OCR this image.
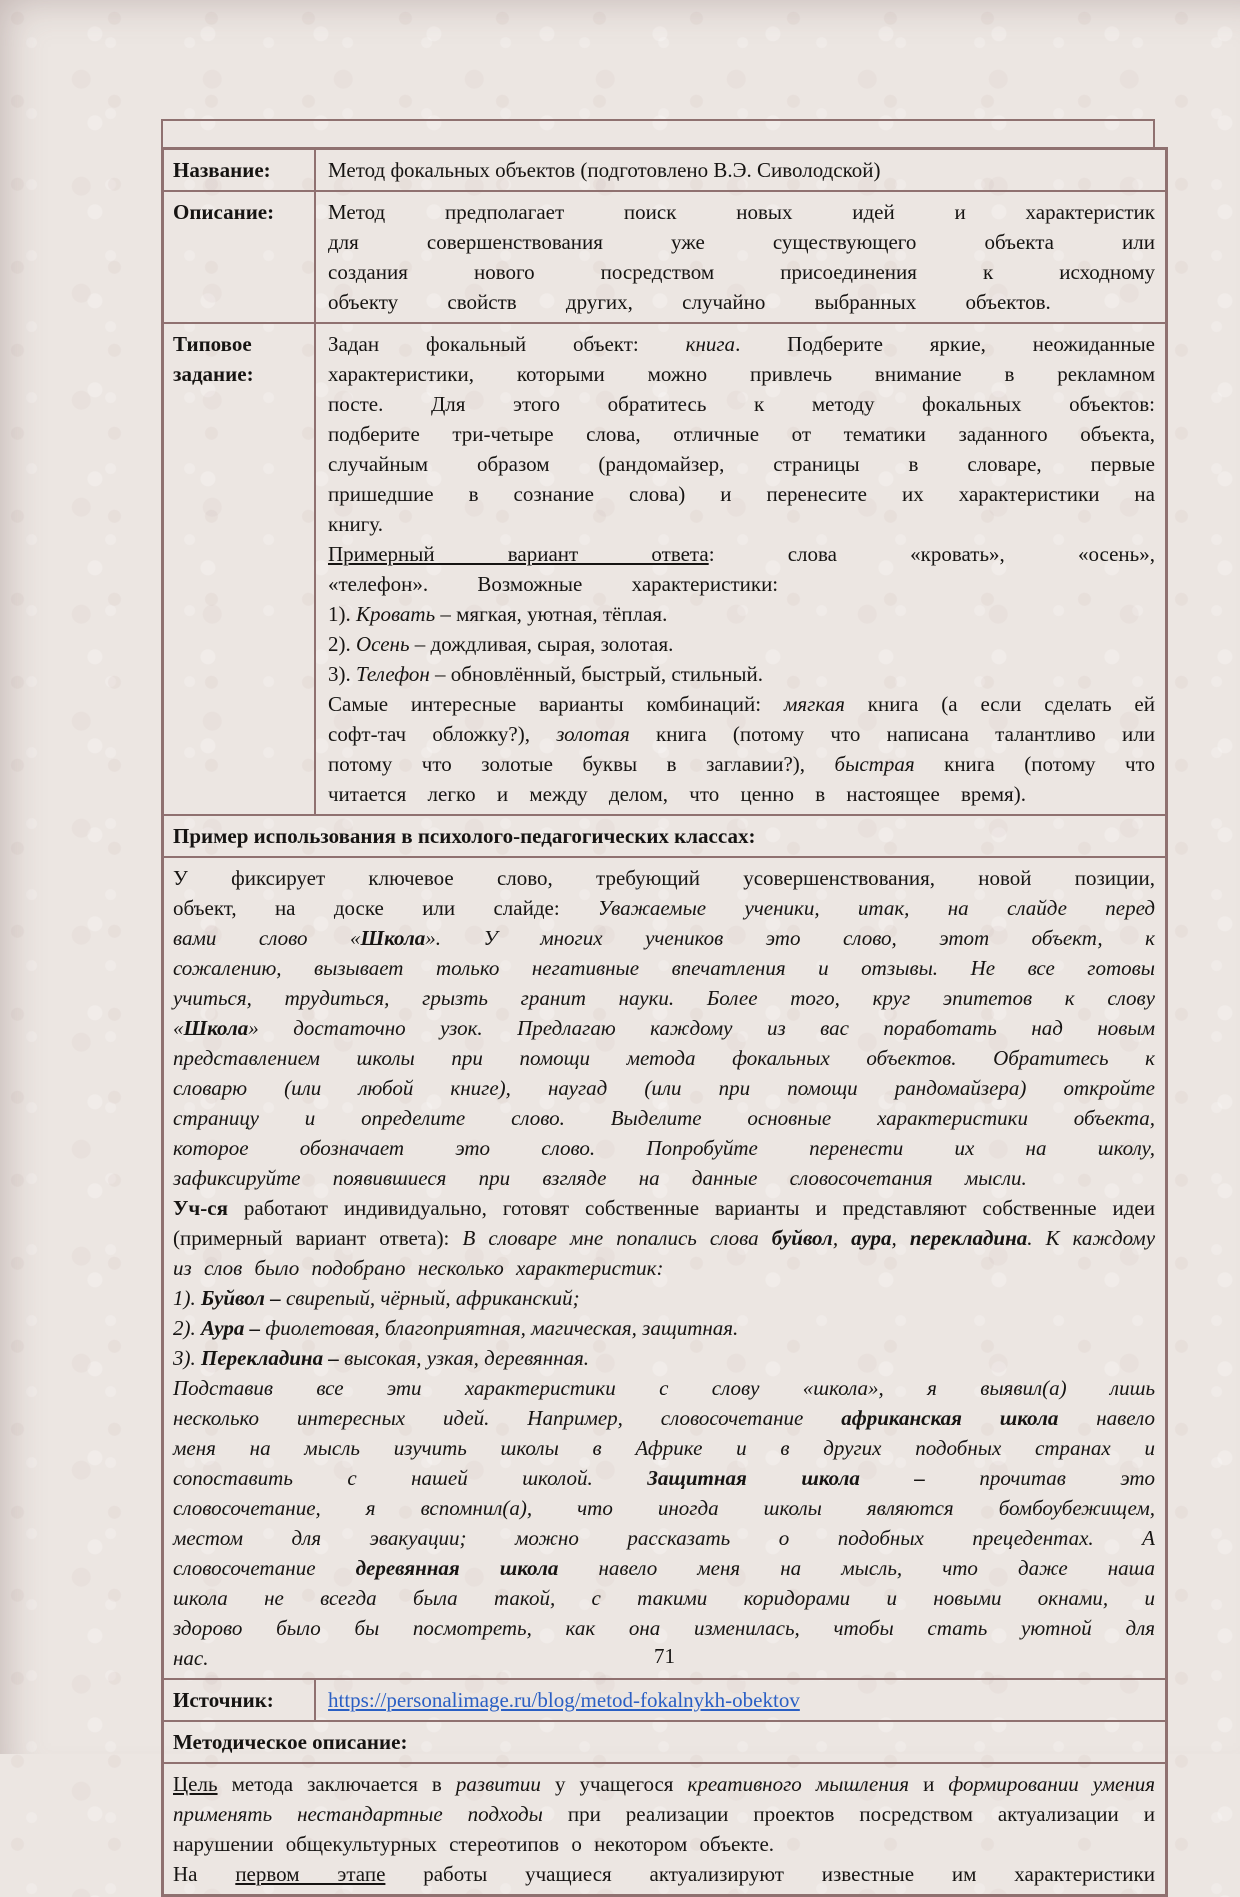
Название:	Метод фокальных объектов (подготовлено В.Э. Сиволодской)
Описание:	Метод предполагает поиск новых идей и характеристик для совершенствования уже существующего объекта или создания нового посредством присоединения к исходному объекту свойств других, случайно выбранных объектов.

Типовое задание:

Задан фокальный объект: книга. Подберите яркие, неожиданные характеристики, которыми можно привлечь внимание в рекламном посте. Для этого обратитесь к методу фокальных объектов: подберите три-четыре слова, отличные от тематики заданного объекта, случайным образом (рандомайзер, страницы в словаре, первые пришедшие в сознание слова) и перенесите их характеристики на книгу.

Примерный вариант ответа: слова «кровать», «осень», «телефон». Возможные характеристики:

1). Кровать – мягкая, уютная, тёплая.

2). Осень – дождливая, сырая, золотая.

3). Телефон – обновлённый, быстрый, стильный.

Самые интересные варианты комбинаций: мягкая книга (а если сделать ей софт-тач обложку?), золотая книга (потому что написана талантливо или потому что золотые буквы в заглавии?), быстрая книга (потому что читается легко и между делом, что ценно в настоящее время).

Пример использования в психолого-педагогических классах:

У фиксирует ключевое слово, требующий усовершенствования, новой позиции, объект, на доске или слайде: Уважаемые ученики, итак, на слайде перед вами слово «Школа». У многих учеников это слово, этот объект, к сожалению, вызывает только негативные впечатления и отзывы. Не все готовы учиться, трудиться, грызть гранит науки. Более того, круг эпитетов к слову «Школа» достаточно узок. Предлагаю каждому из вас поработать над новым представлением школы при помощи метода фокальных объектов. Обратитесь к словарю (или любой книге), наугад (или при помощи рандомайзера) откройте страницу и определите слово. Выделите основные характеристики объекта, которое обозначает это слово. Попробуйте перенести их на школу, зафиксируйте появившиеся при взгляде на данные словосочетания мысли.

Уч-ся работают индивидуально, готовят собственные варианты и представляют собственные идеи (примерный вариант ответа): В словаре мне попались слова буйвол, аура, перекладина. К каждому из слов было подобрано несколько характеристик:

1). Буйвол – свирепый, чёрный, африканский;

2). Аура – фиолетовая, благоприятная, магическая, защитная.

3). Перекладина – высокая, узкая, деревянная.

Подставив все эти характеристики с слову «школа», я выявил(а) лишь несколько интересных идей. Например, словосочетание африканская школа навело меня на мысль изучить школы в Африке и в других подобных странах и сопоставить с нашей школой. Защитная школа – прочитав это словосочетание, я вспомнил(а), что иногда школы являются бомбоубежищем, местом для эвакуации; можно рассказать о подобных прецедентах. А словосочетание деревянная школа навело меня на мысль, что даже наша школа не всегда была такой, с такими коридорами и новыми окнами, и здорово было бы посмотреть, как она изменилась, чтобы стать уютной для нас.

Источник:	https://personalimage.ru/blog/metod-fokalnykh-obektov
Методическое описание:

Цель метода заключается в развитии у учащегося креативного мышления и формировании умения применять нестандартные подходы при реализации проектов посредством актуализации и нарушении общекультурных стереотипов о некотором объекте.

На первом этапе работы учащиеся актуализируют известные им характеристики

71
